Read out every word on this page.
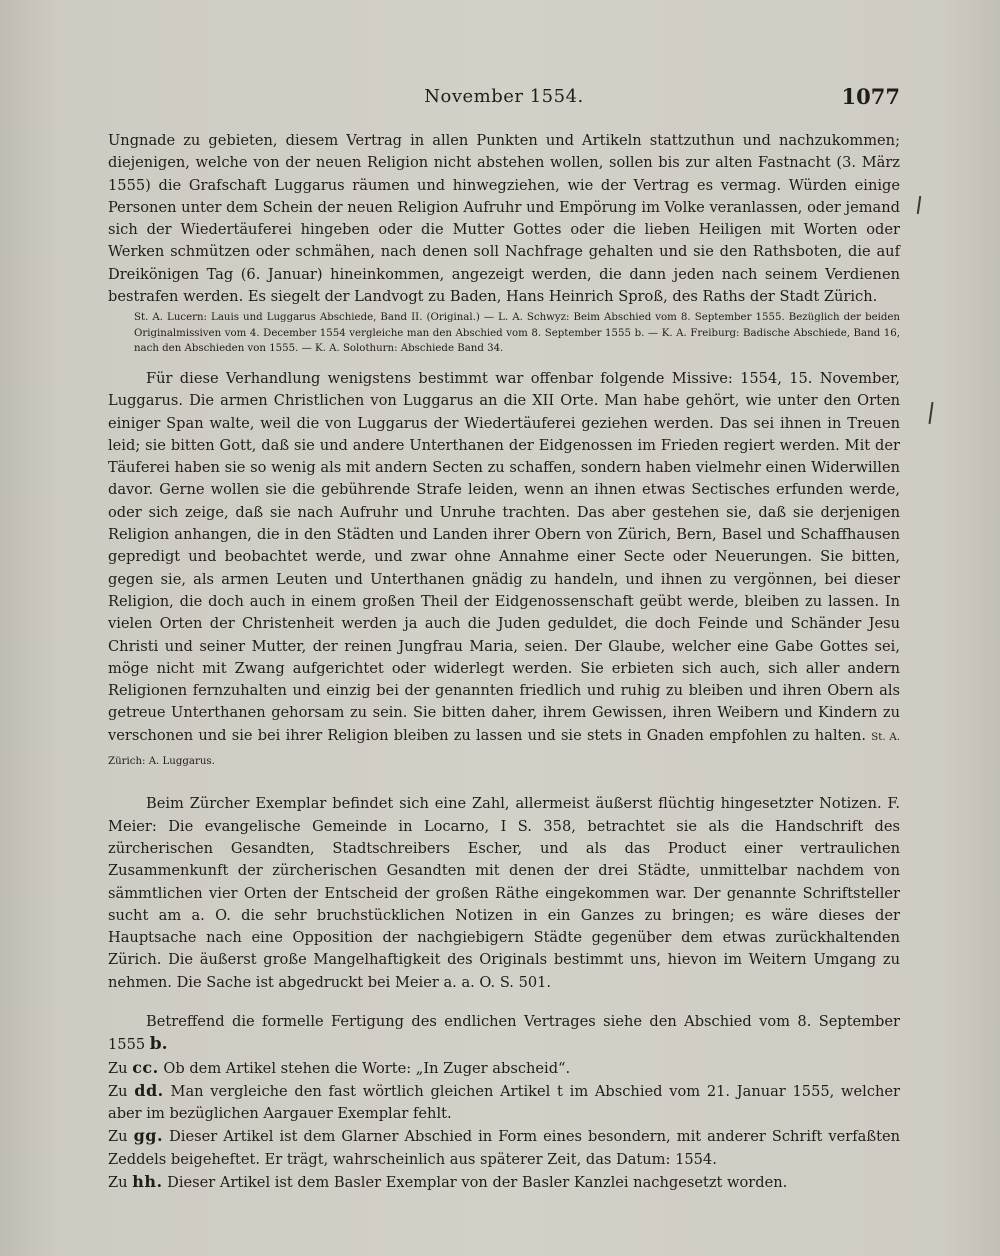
November 1554.	1077

Ungnade zu gebieten, diesem Vertrag in allen Punkten und Artikeln stattzuthun und nachzukommen; diejenigen, welche von der neuen Religion nicht abstehen wollen, sollen bis zur alten Fastnacht (3. März 1555) die Grafschaft Luggarus räumen und hinwegziehen, wie der Vertrag es vermag. Würden einige Personen unter dem Schein der neuen Religion Aufruhr und Empörung im Volke veranlassen, oder jemand sich der Wiedertäuferei hingeben oder die Mutter Gottes oder die lieben Heiligen mit Worten oder Werken schmützen oder schmähen, nach denen soll Nachfrage gehalten und sie den Rathsboten, die auf Dreikönigen Tag (6. Januar) hineinkommen, angezeigt werden, die dann jeden nach seinem Verdienen bestrafen werden. Es siegelt der Landvogt zu Baden, Hans Heinrich Sproß, des Raths der Stadt Zürich.

St. A. Lucern: Lauis und Luggarus Abschiede, Band II. (Original.) — L. A. Schwyz: Beim Abschied vom 8. September 1555. Bezüglich der beiden Originalmissiven vom 4. December 1554 vergleiche man den Abschied vom 8. September 1555 b. — K. A. Freiburg: Badische Abschiede, Band 16, nach den Abschieden von 1555. — K. A. Solothurn: Abschiede Band 34.

Für diese Verhandlung wenigstens bestimmt war offenbar folgende Missive: 1554, 15. November, Luggarus. Die armen Christlichen von Luggarus an die XII Orte. Man habe gehört, wie unter den Orten einiger Span walte, weil die von Luggarus der Wiedertäuferei geziehen werden. Das sei ihnen in Treuen leid; sie bitten Gott, daß sie und andere Unterthanen der Eidgenossen im Frieden regiert werden. Mit der Täuferei haben sie so wenig als mit andern Secten zu schaffen, sondern haben vielmehr einen Widerwillen davor. Gerne wollen sie die gebührende Strafe leiden, wenn an ihnen etwas Sectisches erfunden werde, oder sich zeige, daß sie nach Aufruhr und Unruhe trachten. Das aber gestehen sie, daß sie derjenigen Religion anhangen, die in den Städten und Landen ihrer Obern von Zürich, Bern, Basel und Schaffhausen gepredigt und beobachtet werde, und zwar ohne Annahme einer Secte oder Neuerungen. Sie bitten, gegen sie, als armen Leuten und Unterthanen gnädig zu handeln, und ihnen zu vergönnen, bei dieser Religion, die doch auch in einem großen Theil der Eidgenossenschaft geübt werde, bleiben zu lassen. In vielen Orten der Christenheit werden ja auch die Juden geduldet, die doch Feinde und Schänder Jesu Christi und seiner Mutter, der reinen Jungfrau Maria, seien. Der Glaube, welcher eine Gabe Gottes sei, möge nicht mit Zwang aufgerichtet oder widerlegt werden. Sie erbieten sich auch, sich aller andern Religionen fernzuhalten und einzig bei der genannten friedlich und ruhig zu bleiben und ihren Obern als getreue Unterthanen gehorsam zu sein. Sie bitten daher, ihrem Gewissen, ihren Weibern und Kindern zu verschonen und sie bei ihrer Religion bleiben zu lassen und sie stets in Gnaden empfohlen zu halten. St. A. Zürich: A. Luggarus.

Beim Zürcher Exemplar befindet sich eine Zahl, allermeist äußerst flüchtig hingesetzter Notizen. F. Meier: Die evangelische Gemeinde in Locarno, I S. 358, betrachtet sie als die Handschrift des zürcherischen Gesandten, Stadtschreibers Escher, und als das Product einer vertraulichen Zusammenkunft der zürcherischen Gesandten mit denen der drei Städte, unmittelbar nachdem von sämmtlichen vier Orten der Entscheid der großen Räthe eingekommen war. Der genannte Schriftsteller sucht am a. O. die sehr bruchstücklichen Notizen in ein Ganzes zu bringen; es wäre dieses der Hauptsache nach eine Opposition der nachgiebigern Städte gegenüber dem etwas zurückhaltenden Zürich. Die äußerst große Mangelhaftigkeit des Originals bestimmt uns, hievon im Weitern Umgang zu nehmen. Die Sache ist abgedruckt bei Meier a. a. O. S. 501.

Betreffend die formelle Fertigung des endlichen Vertrages siehe den Abschied vom 8. September 1555 b.

Zu cc. Ob dem Artikel stehen die Worte: „In Zuger abscheid“.

Zu dd. Man vergleiche den fast wörtlich gleichen Artikel t im Abschied vom 21. Januar 1555, welcher aber im bezüglichen Aargauer Exemplar fehlt.

Zu gg. Dieser Artikel ist dem Glarner Abschied in Form eines besondern, mit anderer Schrift verfaßten Zeddels beigeheftet. Er trägt, wahrscheinlich aus späterer Zeit, das Datum: 1554.

Zu hh. Dieser Artikel ist dem Basler Exemplar von der Basler Kanzlei nachgesetzt worden.
